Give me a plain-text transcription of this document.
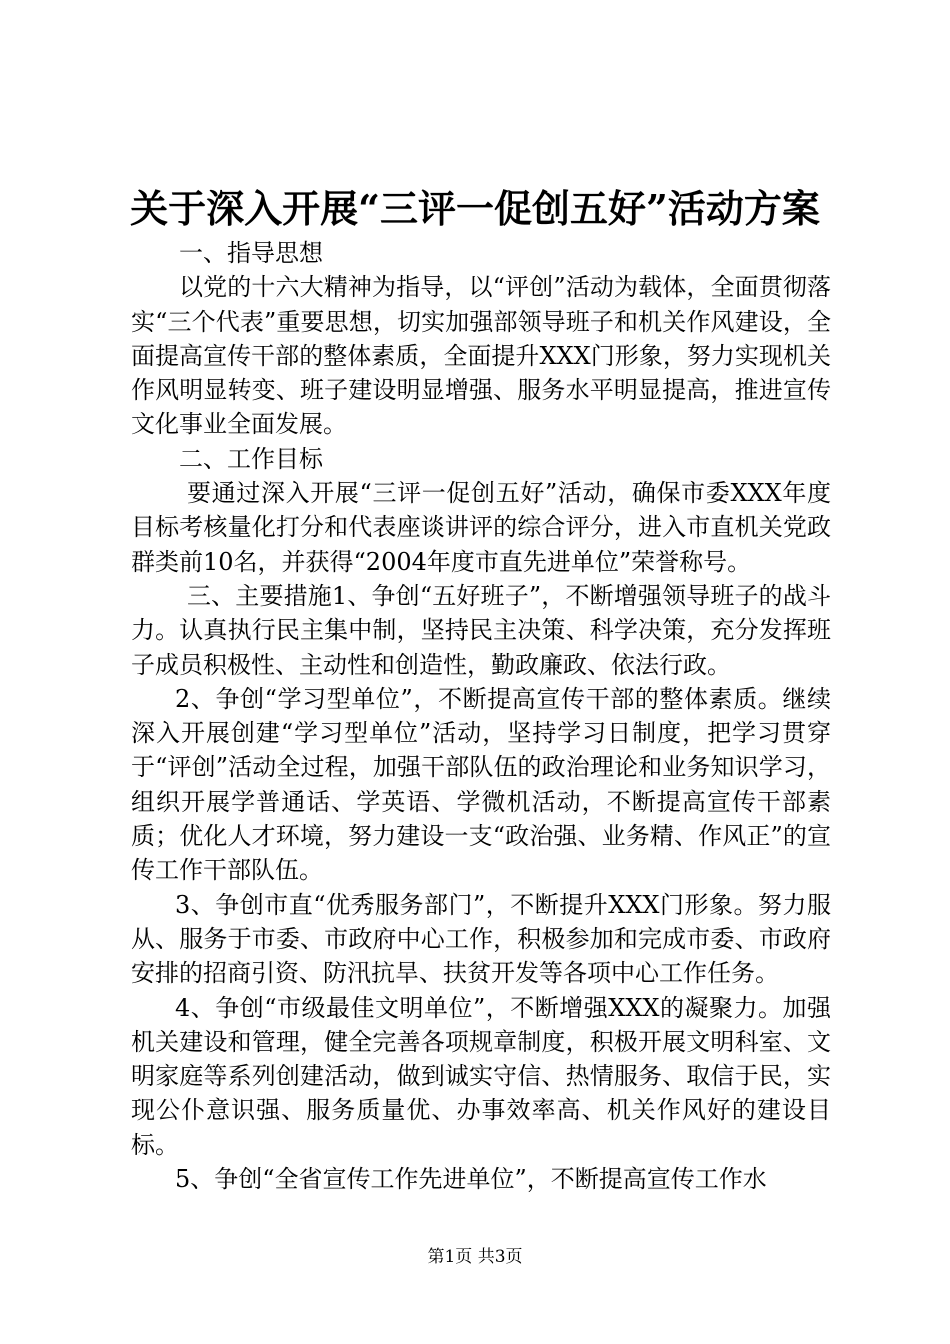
关于深入开展“三评一促创五好”活动方案

一、指导思想

以党的十六大精神为指导，以“评创”活动为载体，全面贯彻落实“三个代表”重要思想，切实加强部领导班子和机关作风建设，全面提高宣传干部的整体素质，全面提升XXX门形象，努力实现机关作风明显转变、班子建设明显增强、服务水平明显提高，推进宣传文化事业全面发展。

二、工作目标

要通过深入开展“三评一促创五好”活动，确保市委XXX年度目标考核量化打分和代表座谈讲评的综合评分，进入市直机关党政群类前10名，并获得“2004年度市直先进单位”荣誉称号。

三、主要措施1、争创“五好班子”，不断增强领导班子的战斗力。认真执行民主集中制，坚持民主决策、科学决策，充分发挥班子成员积极性、主动性和创造性，勤政廉政、依法行政。

2、争创“学习型单位”，不断提高宣传干部的整体素质。继续深入开展创建“学习型单位”活动，坚持学习日制度，把学习贯穿于“评创”活动全过程，加强干部队伍的政治理论和业务知识学习，组织开展学普通话、学英语、学微机活动，不断提高宣传干部素质；优化人才环境，努力建设一支“政治强、业务精、作风正”的宣传工作干部队伍。

3、争创市直“优秀服务部门”，不断提升XXX门形象。努力服从、服务于市委、市政府中心工作，积极参加和完成市委、市政府安排的招商引资、防汛抗旱、扶贫开发等各项中心工作任务。

4、争创“市级最佳文明单位”，不断增强XXX的凝聚力。加强机关建设和管理，健全完善各项规章制度，积极开展文明科室、文明家庭等系列创建活动，做到诚实守信、热情服务、取信于民，实现公仆意识强、服务质量优、办事效率高、机关作风好的建设目标。

5、争创“全省宣传工作先进单位”，不断提高宣传工作水

第1页 共3页
